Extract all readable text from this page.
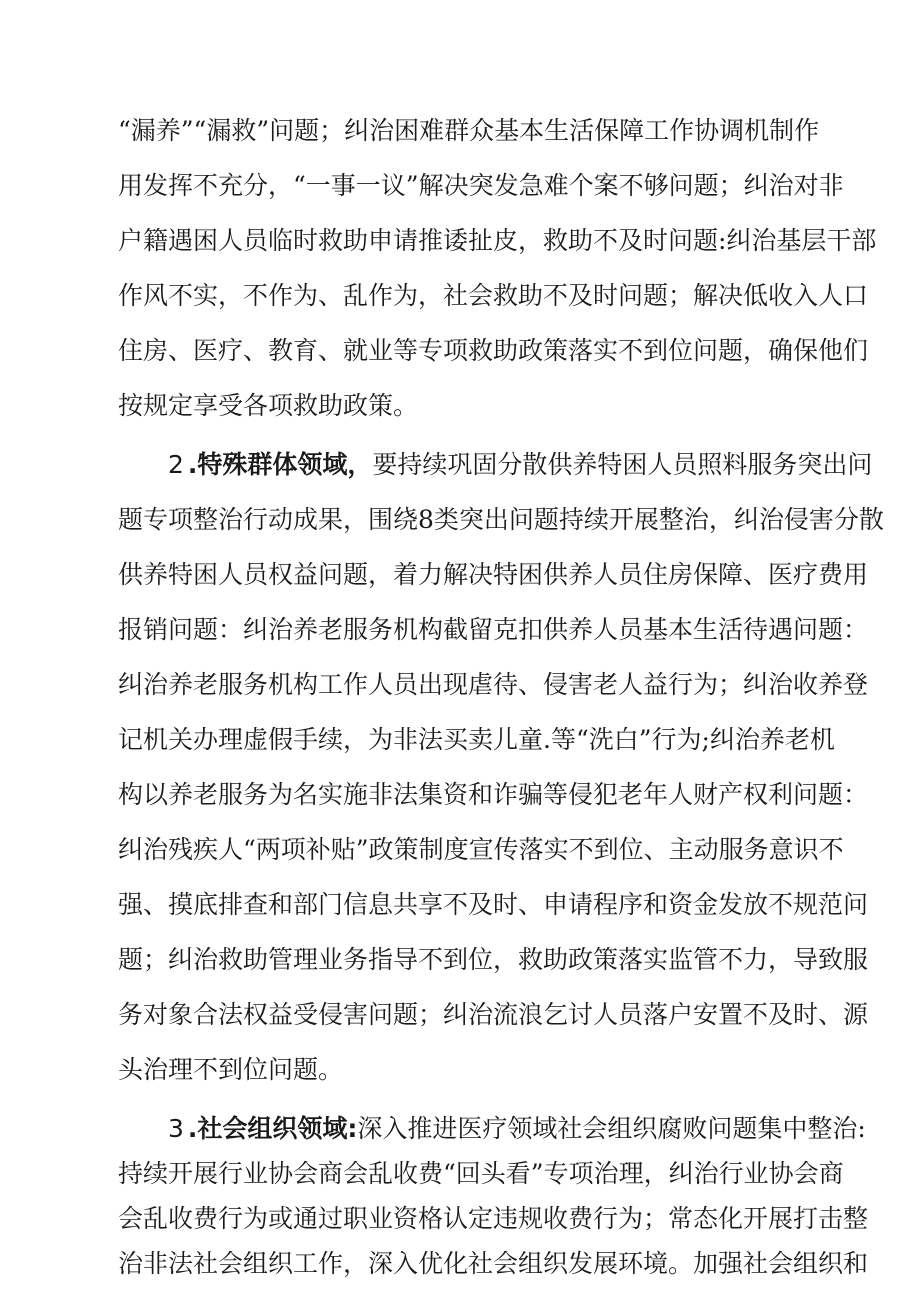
“漏养”“漏救”问题；纠治困难群众基本生活保障工作协调机制作
用发挥不充分，“一事一议”解决突发急难个案不够问题；纠治对非
户籍遇困人员临时救助申请推诿扯皮，救助不及时问题:纠治基层干部
作风不实，不作为、乱作为，社会救助不及时问题；解决低收入人口
住房、医疗、教育、就业等专项救助政策落实不到位问题，确保他们
按规定享受各项救助政策。
2 .特殊群体领域，要持续巩固分散供养特困人员照料服务突出问
题专项整治行动成果，围绕8类突出问题持续开展整治，纠治侵害分散
供养特困人员权益问题，着力解决特困供养人员住房保障、医疗费用
报销问题：纠治养老服务机构截留克扣供养人员基本生活待遇问题：
纠治养老服务机构工作人员出现虐待、侵害老人益行为；纠治收养登
记机关办理虚假手续，为非法买卖儿童.等“洗白”行为;纠治养老机
构以养老服务为名实施非法集资和诈骗等侵犯老年人财产权利问题：
纠治残疾人“两项补贴”政策制度宣传落实不到位、主动服务意识不
强、摸底排查和部门信息共享不及时、申请程序和资金发放不规范问
题；纠治救助管理业务指导不到位，救助政策落实监管不力，导致服
务对象合法权益受侵害问题；纠治流浪乞讨人员落户安置不及时、源
头治理不到位问题。
3 .社会组织领域:深入推进医疗领域社会组织腐败问题集中整治:
持续开展行业协会商会乱收费“回头看”专项治理，纠治行业协会商
会乱收费行为或通过职业资格认定违规收费行为；常态化开展打击整
治非法社会组织工作，深入优化社会组织发展环境。加强社会组织和
